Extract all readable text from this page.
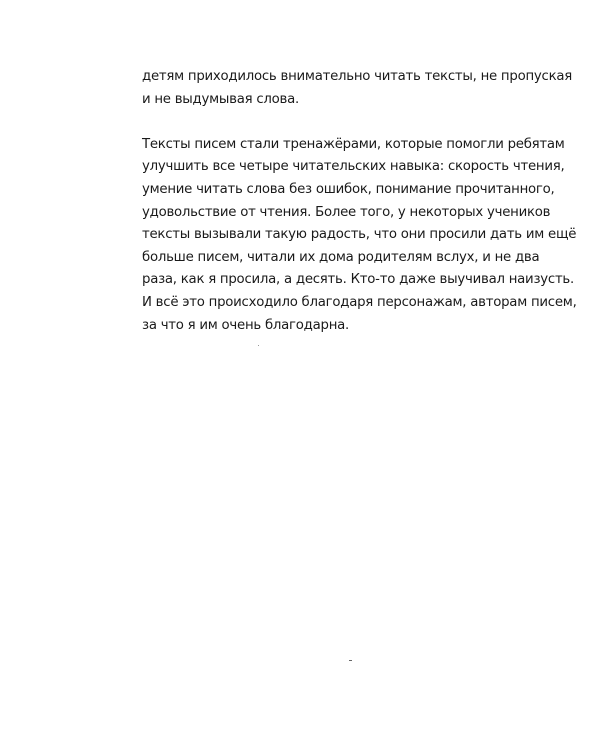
детям приходилось внимательно читать тексты, не пропуская
и не выдумывая слова.

Тексты писем стали тренажёрами, которые помогли ребятам
улучшить все четыре читательских навыка: скорость чтения,
умение читать слова без ошибок, понимание прочитанного,
удовольствие от чтения. Более того, у некоторых учеников
тексты вызывали такую радость, что они просили дать им ещё
больше писем, читали их дома родителям вслух, и не два
раза, как я просила, а десять. Кто-то даже выучивал наизусть.
И всё это происходило благодаря персонажам, авторам писем,
за что я им очень благодарна.
